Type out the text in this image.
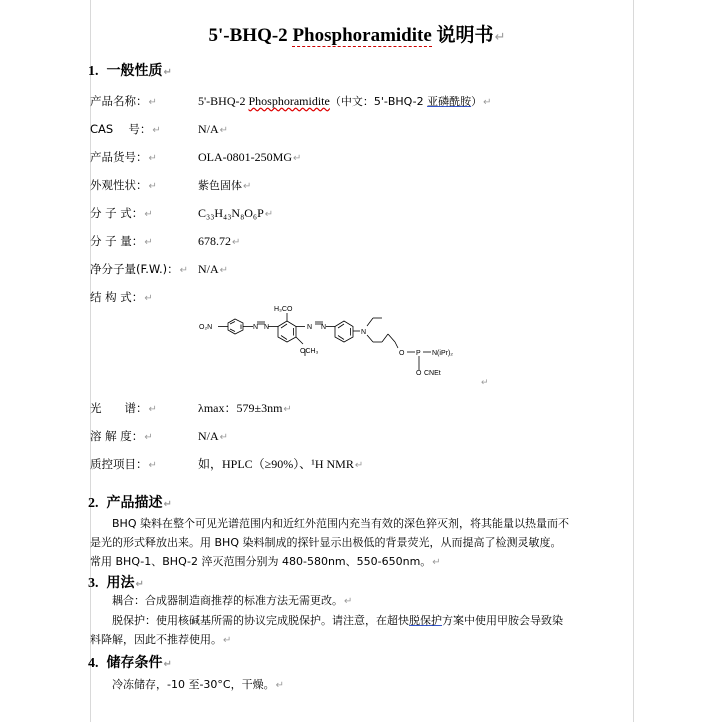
5'-BHQ-2 Phosphoramidite 说明书↵
1. 一般性质↵
产品名称：↵	5'-BHQ-2 Phosphoramidite（中文：5'-BHQ-2 亚磷酰胺）↵
CAS　 号：↵	N/A↵
产品货号：↵	OLA-0801-250MG↵
外观性状：↵	紫色固体↵
分 子 式：↵	C₃₃H₄₃N₈O₆P↵
分 子 量：↵	678.72↵
净分子量(F.W.)：↵ N/A↵
结 构 式：↵
O₂N	N N
H₃CO
OCH₃
N N
N
O P N(iPr)₂
O CNEt
↵
光　　谱：↵	λmax：579±3nm↵
溶 解 度：↵	N/A↵
质控项目：↵	如，HPLC（≥90%）、¹H NMR↵
2. 产品描述↵
BHQ 染料在整个可见光谱范围内和近红外范围内充当有效的深色猝灭剂，将其能量以热量而不
是光的形式释放出来。用 BHQ 染料制成的探针显示出极低的背景荧光，从而提高了检测灵敏度。
常用 BHQ-1、BHQ-2 淬灭范围分别为 480-580nm、550-650nm。↵
3. 用法↵
耦合：合成器制造商推荐的标准方法无需更改。↵
脱保护：使用核碱基所需的协议完成脱保护。请注意，在超快脱保护方案中使用甲胺会导致染
料降解，因此不推荐使用。↵
4. 储存条件↵
冷冻储存，-10 至-30°C，干燥。↵
